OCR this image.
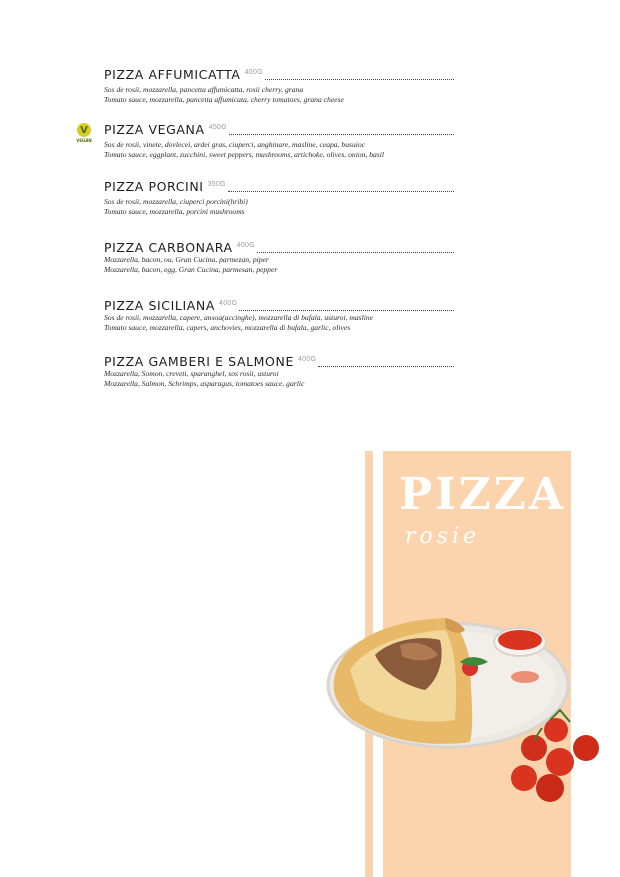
PIZZA AFFUMICATTA 400G
Sos de rosii, mozzarella, pancetta affumicatta, rosii cherry, grana
Tomato sauce, mozzarella, pancetta affumicata, cherry tomatoes, grana cheese
V
VEGAN
PIZZA VEGANA 450G
Sos de rosii, vinete, dovlecei, ardei gras, ciuperci, anghinare, masline, ceapa, busuioc
Tomato sauce, eggplant, zucchini, sweet peppers, mushrooms, artichoke, olives, onion, basil
PIZZA PORCINI 350G
Sos de rosii, mozzarella, ciuperci porcini(hribi)
Tomato sauce, mozzarella, porcini mushrooms
PIZZA CARBONARA 400G
Mozzarella, bacon, ou, Gran Cucina, parmezan, piper
Mozzarella, bacon, egg, Gran Cucina, parmesan, pepper
PIZZA SICILIANA 400G
Sos de rosii, mozzarella, capere, ansoa(accinghe), mozzarella di bufala, usturoi, masline
Tomato sauce, mozzarella, capers, anchovies, mozzarella di bufala, garlic, olives
PIZZA GAMBERI E SALMONE 400G
Mozzarella, Somon, creveti, sparanghel, sos rosii, usturoi
Mozzarella, Salmon, Schrimps, asparagus, tomatoes sauce, garlic
PIZZA
rosie
